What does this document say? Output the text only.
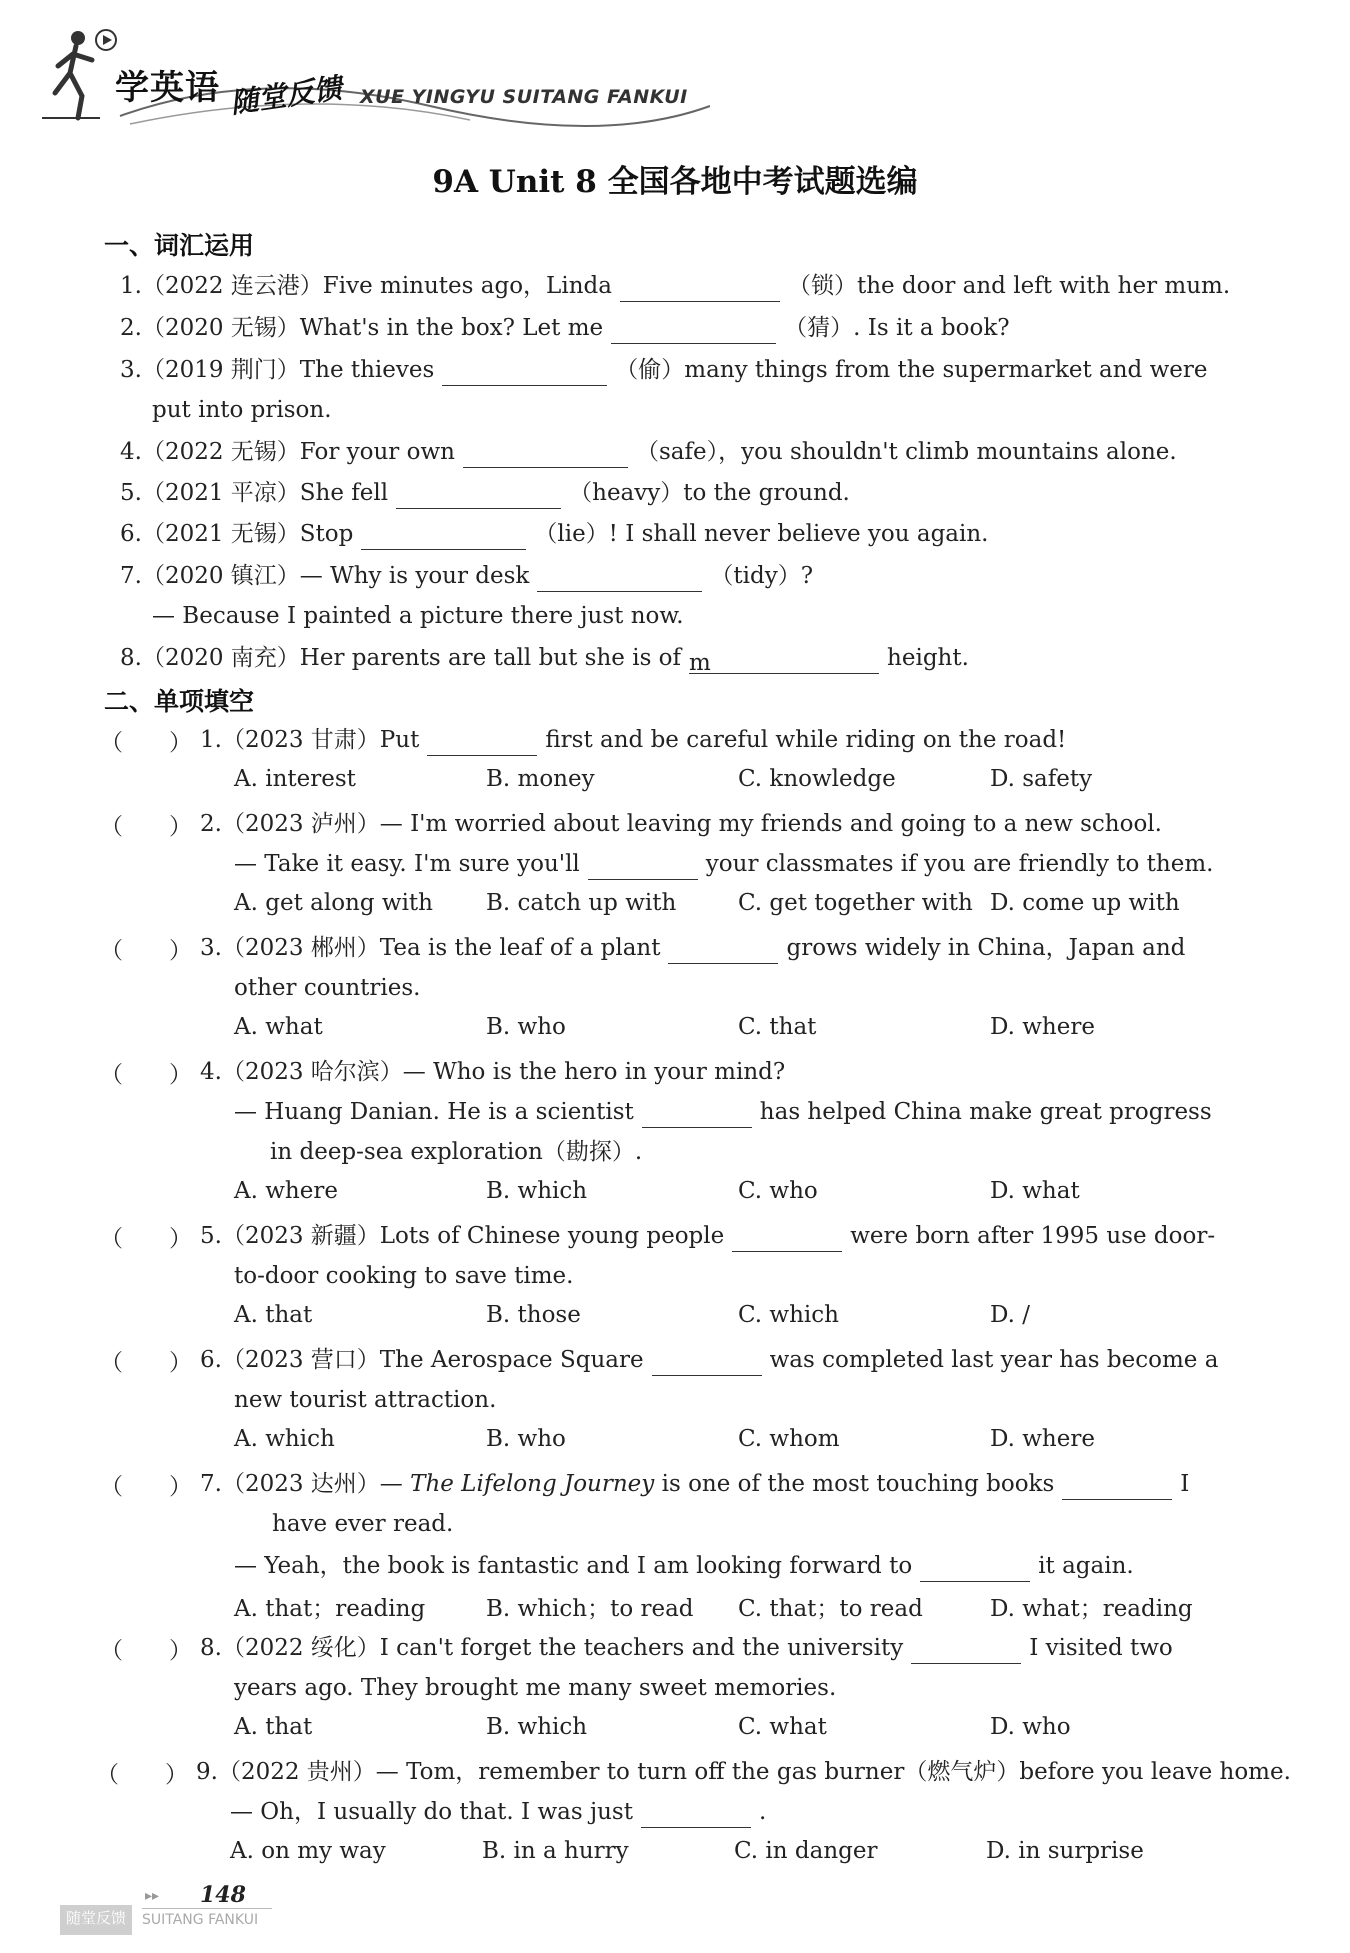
学英语 随堂反馈 XUE YINGYU SUITANG FANKUI
9A Unit 8 全国各地中考试题选编
一、词汇运用
1.（2022 连云港）Five minutes ago，Linda	（锁）the door and left with her mum.
2.（2020 无锡）What's in the box? Let me	（猜）. Is it a book?
3.（2019 荆门）The thieves	（偷）many things from the supermarket and were
put into prison.
4.（2022 无锡）For your own	（safe），you shouldn't climb mountains alone.
5.（2021 平凉）She fell	（heavy）to the ground.
6.（2021 无锡）Stop	（lie）! I shall never believe you again.
7.（2020 镇江）— Why is your desk	（tidy）?
— Because I painted a picture there just now.
8.（2020 南充）Her parents are tall but she is of m	height.
二、单项填空
（　　） 1.（2023 甘肃）Put	first and be careful while riding on the road!
A. interest	B. money	C. knowledge	D. safety
（　　） 2.（2023 泸州）— I'm worried about leaving my friends and going to a new school.
— Take it easy. I'm sure you'll	your classmates if you are friendly to them.
A. get along with B. catch up with	C. get together with D. come up with
（　　） 3.（2023 郴州）Tea is the leaf of a plant	grows widely in China，Japan and
other countries.
A. what	B. who	C. that	D. where
（　　） 4.（2023 哈尔滨）— Who is the hero in your mind?
— Huang Danian. He is a scientist	has helped China make great progress
in deep-sea exploration（勘探）.
A. where	B. which	C. who	D. what
（　　） 5.（2023 新疆）Lots of Chinese young people	were born after 1995 use door-
to-door cooking to save time.
A. that	B. those	C. which	D. /
（　　） 6.（2023 营口）The Aerospace Square	was completed last year has become a
new tourist attraction.
A. which	B. who	C. whom	D. where
（　　） 7.（2023 达州）— The Lifelong Journey is one of the most touching books	I
have ever read.
— Yeah，the book is fantastic and I am looking forward to	it again.
A. that；reading	B. which；to read C. that；to read	D. what；reading
（　　） 8.（2022 绥化）I can't forget the teachers and the university	I visited two
years ago. They brought me many sweet memories.
A. that	B. which	C. what	D. who
（　　） 9.（2022 贵州）— Tom，remember to turn off the gas burner（燃气炉）before you leave home.
— Oh，I usually do that. I was just	.
A. on my way	B. in a hurry	C. in danger	D. in surprise
▸▸ 148
随堂反馈	SUITANG FANKUI
